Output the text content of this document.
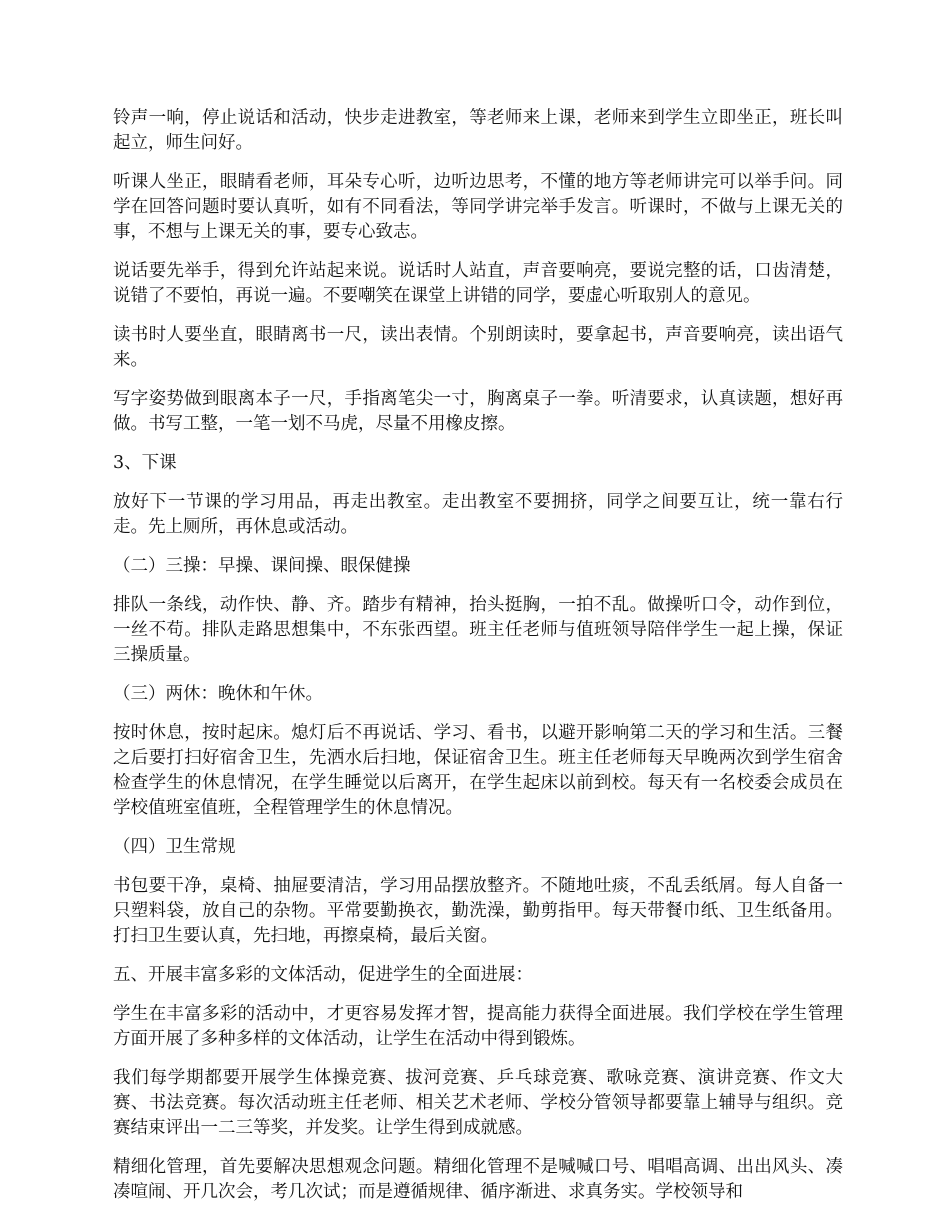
铃声一响，停止说话和活动，快步走进教室，等老师来上课，老师来到学生立即坐正，班长叫起立，师生问好。

听课人坐正，眼睛看老师，耳朵专心听，边听边思考，不懂的地方等老师讲完可以举手问。同学在回答问题时要认真听，如有不同看法，等同学讲完举手发言。听课时，不做与上课无关的事，不想与上课无关的事，要专心致志。

说话要先举手，得到允许站起来说。说话时人站直，声音要响亮，要说完整的话，口齿清楚，说错了不要怕，再说一遍。不要嘲笑在课堂上讲错的同学，要虚心听取别人的意见。

读书时人要坐直，眼睛离书一尺，读出表情。个别朗读时，要拿起书，声音要响亮，读出语气来。

写字姿势做到眼离本子一尺，手指离笔尖一寸，胸离桌子一拳。听清要求，认真读题，想好再做。书写工整，一笔一划不马虎，尽量不用橡皮擦。

3、下课

放好下一节课的学习用品，再走出教室。走出教室不要拥挤，同学之间要互让，统一靠右行走。先上厕所，再休息或活动。

（二）三操：早操、课间操、眼保健操

排队一条线，动作快、静、齐。踏步有精神，抬头挺胸，一拍不乱。做操听口令，动作到位，一丝不苟。排队走路思想集中，不东张西望。班主任老师与值班领导陪伴学生一起上操，保证三操质量。

（三）两休：晚休和午休。

按时休息，按时起床。熄灯后不再说话、学习、看书，以避开影响第二天的学习和生活。三餐之后要打扫好宿舍卫生，先洒水后扫地，保证宿舍卫生。班主任老师每天早晚两次到学生宿舍检查学生的休息情况，在学生睡觉以后离开，在学生起床以前到校。每天有一名校委会成员在学校值班室值班，全程管理学生的休息情况。

（四）卫生常规

书包要干净，桌椅、抽屉要清洁，学习用品摆放整齐。不随地吐痰，不乱丢纸屑。每人自备一只塑料袋，放自己的杂物。平常要勤换衣，勤洗澡，勤剪指甲。每天带餐巾纸、卫生纸备用。打扫卫生要认真，先扫地，再擦桌椅，最后关窗。

五、开展丰富多彩的文体活动，促进学生的全面进展：

学生在丰富多彩的活动中，才更容易发挥才智，提高能力获得全面进展。我们学校在学生管理方面开展了多种多样的文体活动，让学生在活动中得到锻炼。

我们每学期都要开展学生体操竞赛、拔河竞赛、乒乓球竞赛、歌咏竞赛、演讲竞赛、作文大赛、书法竞赛。每次活动班主任老师、相关艺术老师、学校分管领导都要靠上辅导与组织。竞赛结束评出一二三等奖，并发奖。让学生得到成就感。

精细化管理，首先要解决思想观念问题。精细化管理不是喊喊口号、唱唱高调、出出风头、凑凑喧闹、开几次会，考几次试；而是遵循规律、循序渐进、求真务实。学校领导和
